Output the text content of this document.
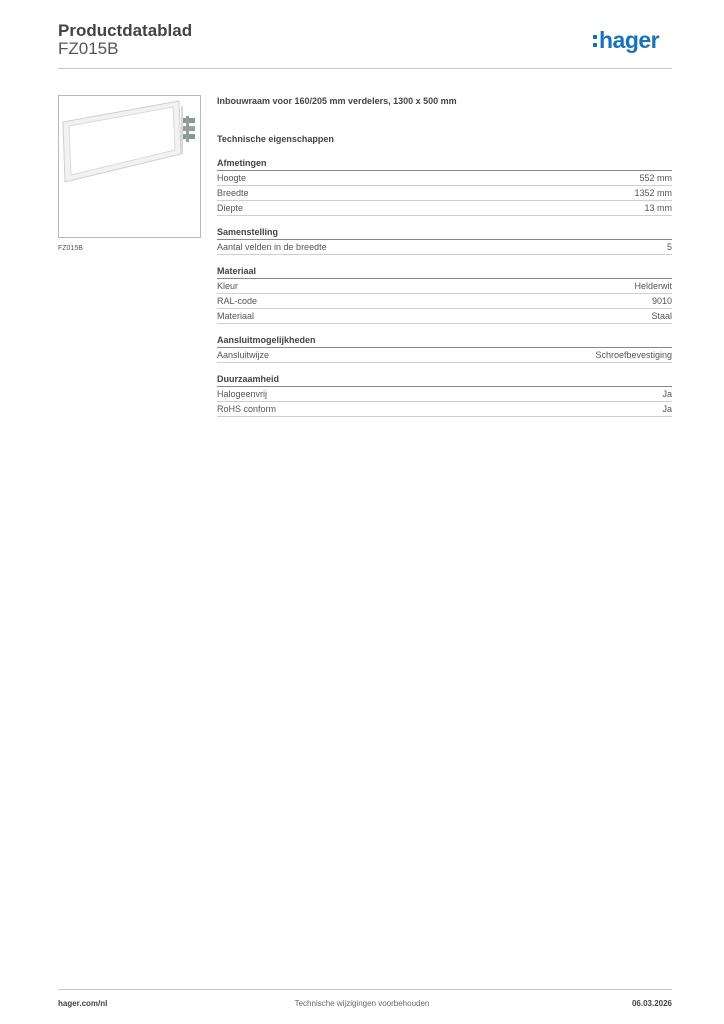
Productdatablad
FZ015B	hager
FZ015B
Inbouwraam voor 160/205 mm verdelers, 1300 x 500 mm
Technische eigenschappen
Afmetingen
Hoogte	552 mm
Breedte	1352 mm
Diepte	13 mm
Samenstelling
Aantal velden in de breedte	5
Materiaal
Kleur	Helderwit
RAL-code	9010
Materiaal	Staal
Aansluitmogelijkheden
Aansluitwijze	Schroefbevestiging
Duurzaamheid
Halogeenvrij	Ja
RoHS conform	Ja
hager.com/nl	Technische wijzigingen voorbehouden	06.03.2026
